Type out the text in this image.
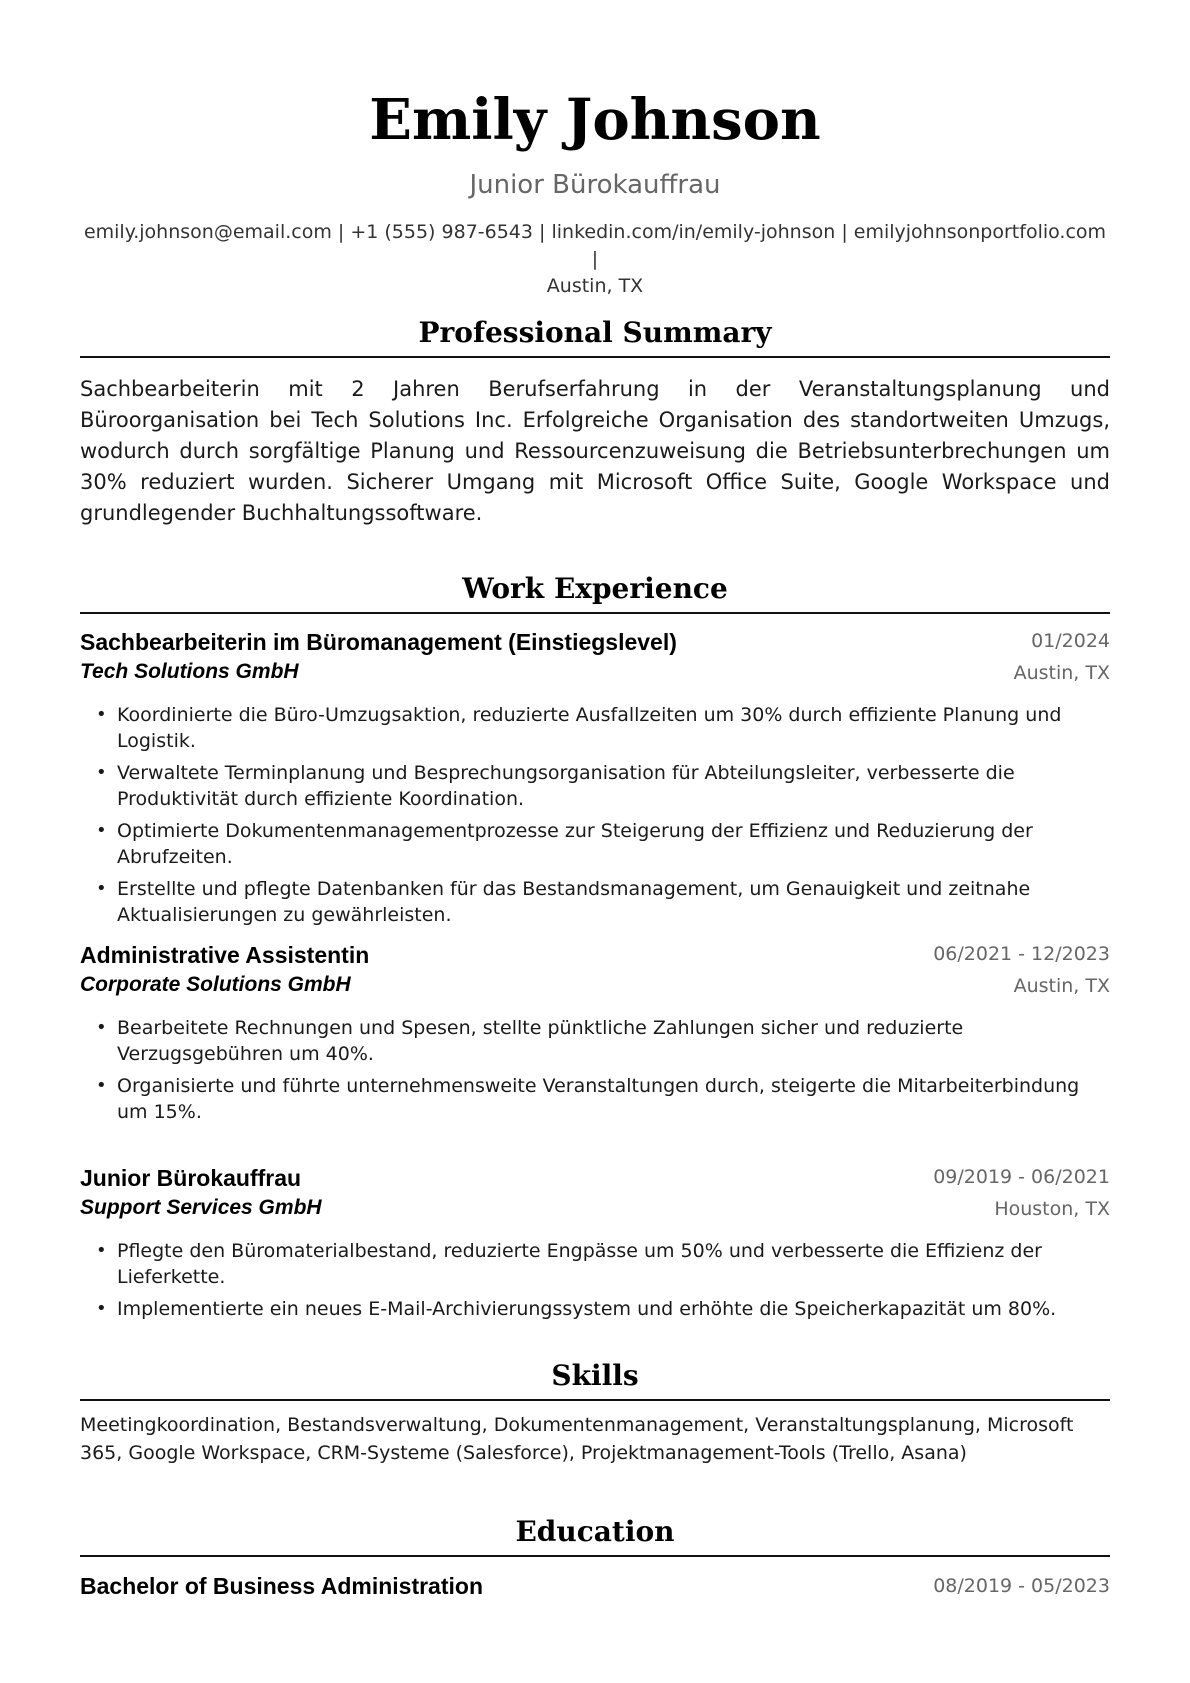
Emily Johnson
Junior Bürokauffrau
emily.johnson@email.com | +1 (555) 987-6543 | linkedin.com/in/emily-johnson | emilyjohnsonportfolio.com |
Austin, TX
Professional Summary
Sachbearbeiterin mit 2 Jahren Berufserfahrung in der Veranstaltungsplanung und Büroorganisation bei Tech Solutions Inc. Erfolgreiche Organisation des standortweiten Umzugs, wodurch durch sorgfältige Planung und Ressourcenzuweisung die Betriebsunterbrechungen um 30% reduziert wurden. Sicherer Umgang mit Microsoft Office Suite, Google Workspace und grundlegender Buchhaltungssoftware.
Work Experience
Sachbearbeiterin im Büromanagement (Einstiegslevel)	01/2024
Tech Solutions GmbH	Austin, TX
• Koordinierte die Büro-Umzugsaktion, reduzierte Ausfallzeiten um 30% durch effiziente Planung und Logistik.
• Verwaltete Terminplanung und Besprechungsorganisation für Abteilungsleiter, verbesserte die Produktivität durch effiziente Koordination.
• Optimierte Dokumentenmanagementprozesse zur Steigerung der Effizienz und Reduzierung der Abrufzeiten.
• Erstellte und pflegte Datenbanken für das Bestandsmanagement, um Genauigkeit und zeitnahe Aktualisierungen zu gewährleisten.
Administrative Assistentin	06/2021 - 12/2023
Corporate Solutions GmbH	Austin, TX
• Bearbeitete Rechnungen und Spesen, stellte pünktliche Zahlungen sicher und reduzierte Verzugsgebühren um 40%.
• Organisierte und führte unternehmensweite Veranstaltungen durch, steigerte die Mitarbeiterbindung um 15%.
Junior Bürokauffrau	09/2019 - 06/2021
Support Services GmbH	Houston, TX
• Pflegte den Büromaterialbestand, reduzierte Engpässe um 50% und verbesserte die Effizienz der Lieferkette.
• Implementierte ein neues E-Mail-Archivierungssystem und erhöhte die Speicherkapazität um 80%.
Skills
Meetingkoordination, Bestandsverwaltung, Dokumentenmanagement, Veranstaltungsplanung, Microsoft 365, Google Workspace, CRM-Systeme (Salesforce), Projektmanagement-Tools (Trello, Asana)
Education
Bachelor of Business Administration	08/2019 - 05/2023
